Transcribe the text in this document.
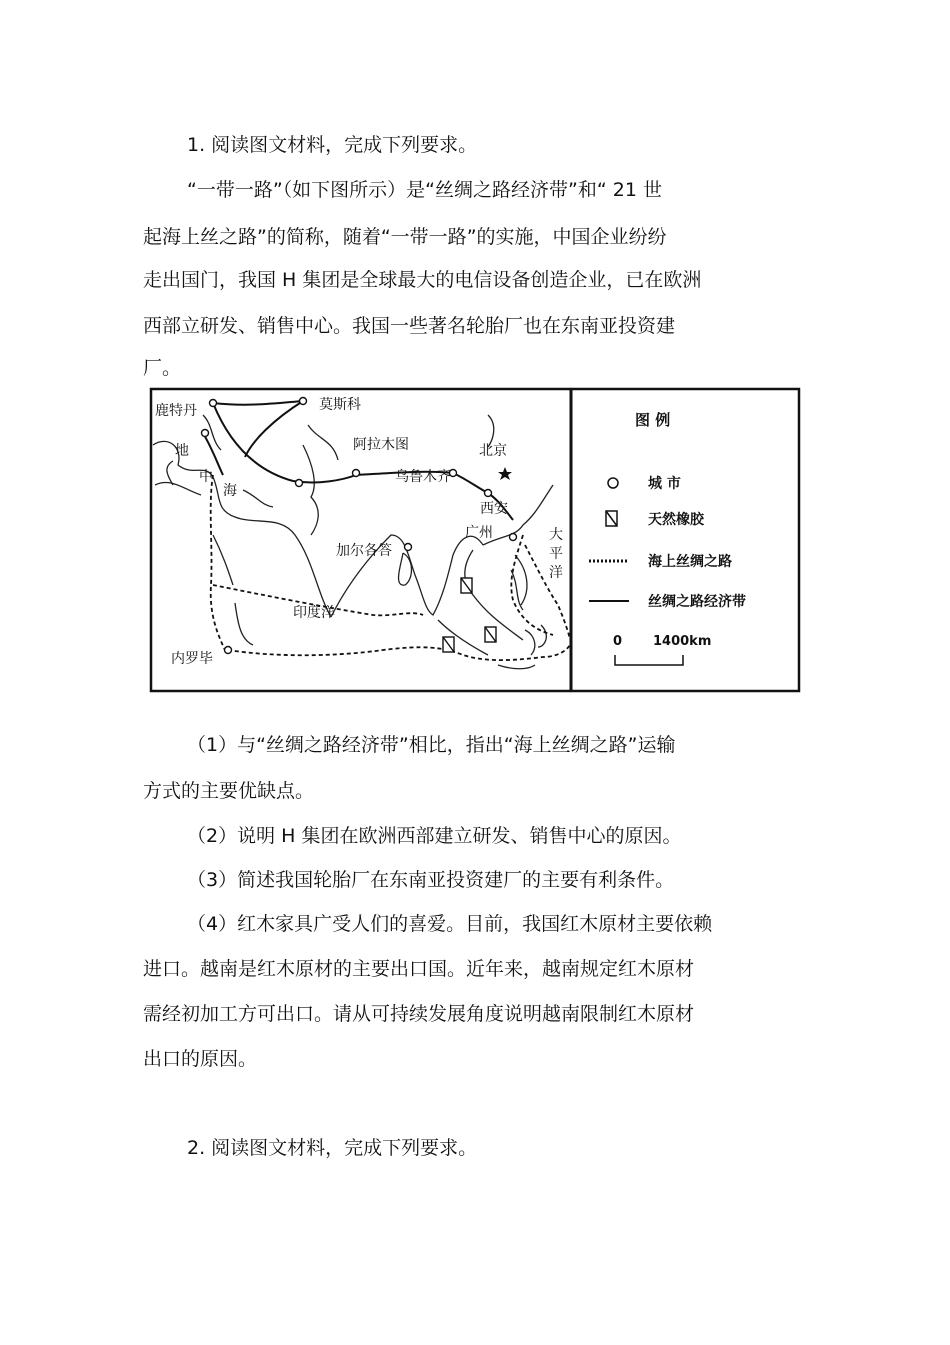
1. 阅读图文材料，完成下列要求。
“一带一路”（如下图所示）是“丝绸之路经济带”和“ 21 世
起海上丝之路”的简称，随着“一带一路”的实施，中国企业纷纷
走出国门，我国 H 集团是全球最大的电信设备创造企业，已在欧洲
西部立研发、销售中心。我国一些著名轮胎厂也在东南亚投资建
厂。
鹿特丹	莫斯科
阿拉木图	北京
乌鲁木齐
西安
广州
加尔各答
内罗毕
印度洋
大
平
洋
地
中
海
图 例
城 市
天然橡胶
海上丝绸之路
丝绸之路经济带
0 1400km
（1）与“丝绸之路经济带”相比，指出“海上丝绸之路”运输
方式的主要优缺点。
（2）说明 H 集团在欧洲西部建立研发、销售中心的原因。
（3）简述我国轮胎厂在东南亚投资建厂的主要有利条件。
（4）红木家具广受人们的喜爱。目前，我国红木原材主要依赖
进口。越南是红木原材的主要出口国。近年来，越南规定红木原材
需经初加工方可出口。请从可持续发展角度说明越南限制红木原材
出口的原因。
2. 阅读图文材料，完成下列要求。
